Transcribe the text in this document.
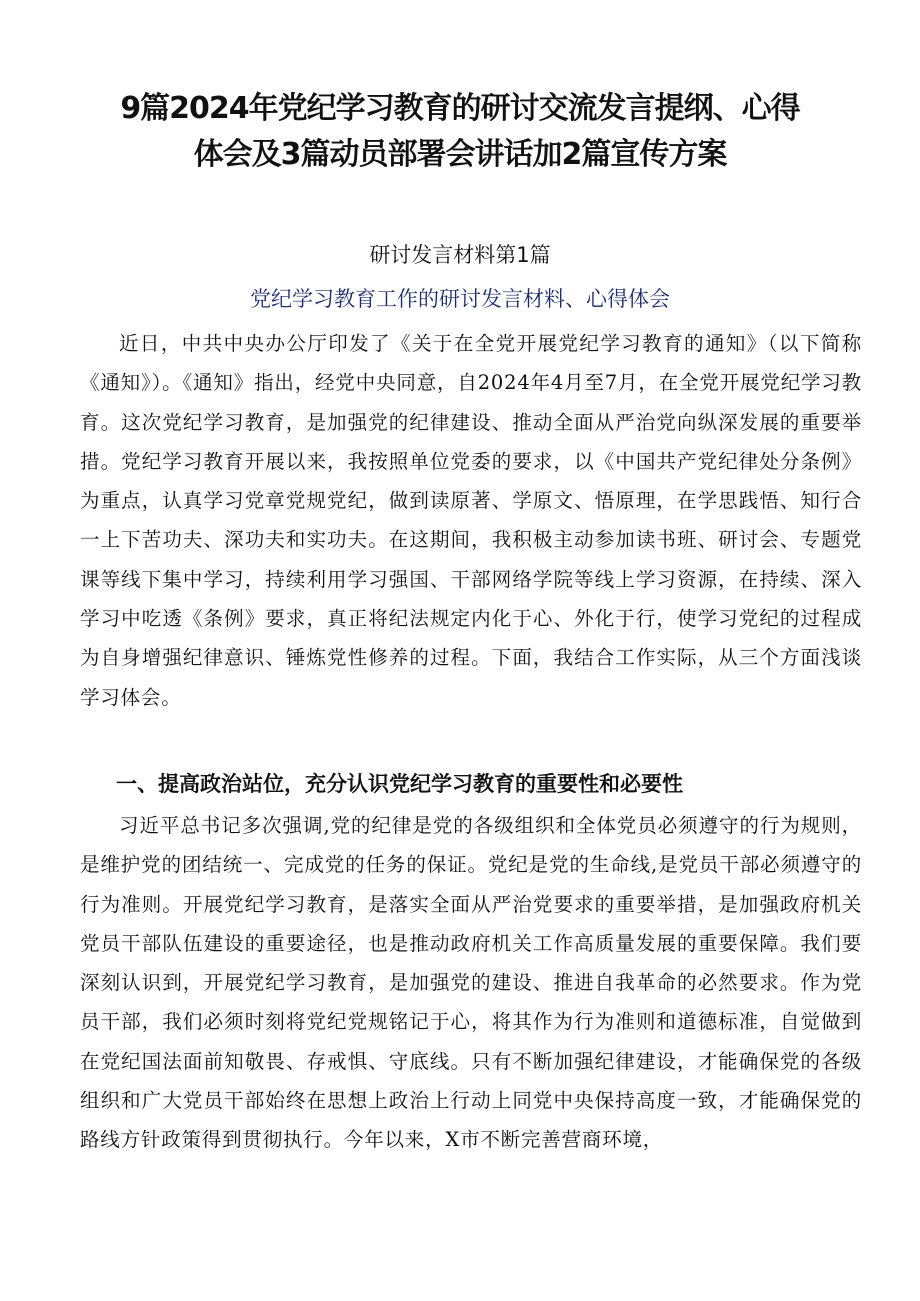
9篇2024年党纪学习教育的研讨交流发言提纲、心得
体会及3篇动员部署会讲话加2篇宣传方案

研讨发言材料第1篇

党纪学习教育工作的研讨发言材料、心得体会

近日，中共中央办公厅印发了《关于在全党开展党纪学习教育的通知》（以下简称《通知》）。《通知》指出，经党中央同意，自2024年4月至7月，在全党开展党纪学习教育。这次党纪学习教育，是加强党的纪律建设、推动全面从严治党向纵深发展的重要举措。党纪学习教育开展以来，我按照单位党委的要求，以《中国共产党纪律处分条例》为重点，认真学习党章党规党纪，做到读原著、学原文、悟原理，在学思践悟、知行合一上下苦功夫、深功夫和实功夫。在这期间，我积极主动参加读书班、研讨会、专题党课等线下集中学习，持续利用学习强国、干部网络学院等线上学习资源，在持续、深入学习中吃透《条例》要求，真正将纪法规定内化于心、外化于行，使学习党纪的过程成为自身增强纪律意识、锤炼党性修养的过程。下面，我结合工作实际，从三个方面浅谈学习体会。

一、提高政治站位，充分认识党纪学习教育的重要性和必要性

习近平总书记多次强调,党的纪律是党的各级组织和全体党员必须遵守的行为规则，是维护党的团结统一、完成党的任务的保证。党纪是党的生命线,是党员干部必须遵守的行为准则。开展党纪学习教育，是落实全面从严治党要求的重要举措，是加强政府机关党员干部队伍建设的重要途径，也是推动政府机关工作高质量发展的重要保障。我们要深刻认识到，开展党纪学习教育，是加强党的建设、推进自我革命的必然要求。作为党员干部，我们必须时刻将党纪党规铭记于心，将其作为行为准则和道德标准，自觉做到在党纪国法面前知敬畏、存戒惧、守底线。只有不断加强纪律建设，才能确保党的各级组织和广大党员干部始终在思想上政治上行动上同党中央保持高度一致，才能确保党的路线方针政策得到贯彻执行。今年以来，X市不断完善营商环境，
